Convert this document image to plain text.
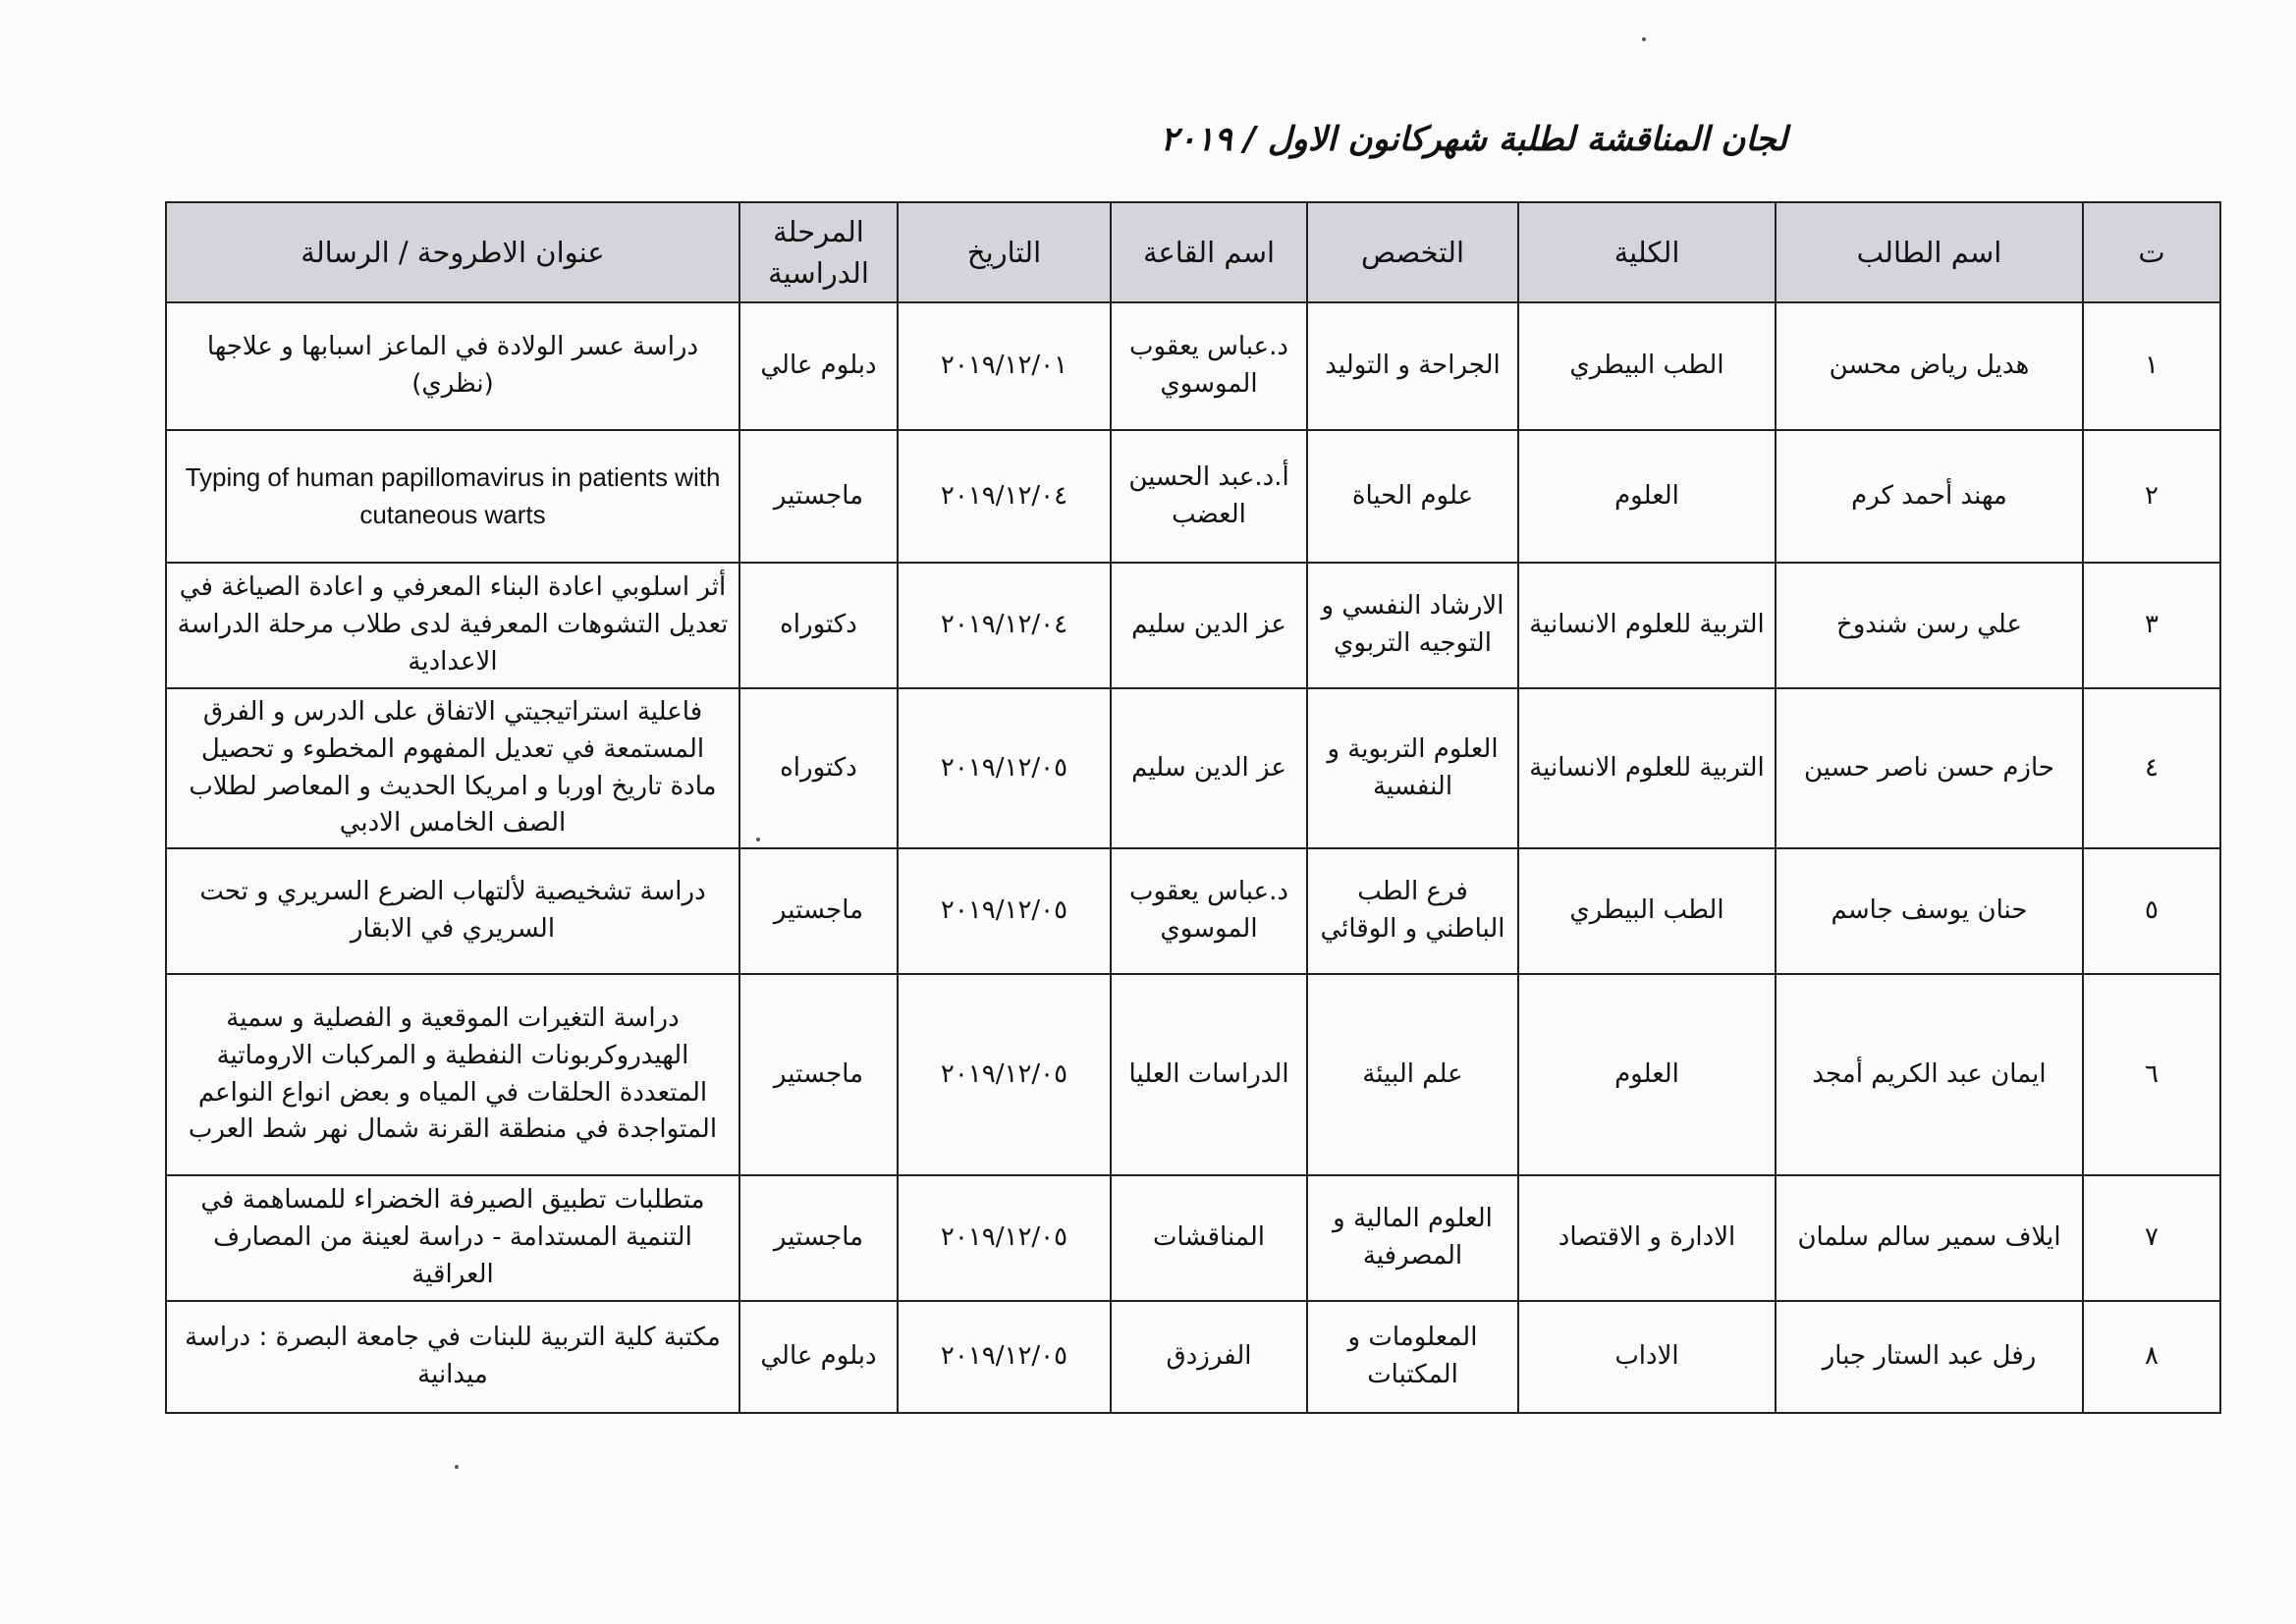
لجان المناقشة لطلبة شهركانون الاول / ٢٠١٩
ت	اسم الطالب	الكلية	التخصص	اسم القاعة	التاريخ	المرحلة الدراسية	عنوان الاطروحة / الرسالة
١	هديل رياض محسن	الطب البيطري	الجراحة و التوليد	د.عباس يعقوب الموسوي	٢٠١٩/١٢/٠١	دبلوم عالي	دراسة عسر الولادة في الماعز اسبابها و علاجها (نظري)
٢	مهند أحمد كرم	العلوم	علوم الحياة	أ.د.عبد الحسين العضب	٢٠١٩/١٢/٠٤	ماجستير	Typing of human papillomavirus in patients with cutaneous warts
٣	علي رسن شندوخ	التربية للعلوم الانسانية	الارشاد النفسي و التوجيه التربوي	عز الدين سليم	٢٠١٩/١٢/٠٤	دكتوراه	أثر اسلوبي اعادة البناء المعرفي و اعادة الصياغة في تعديل التشوهات المعرفية لدى طلاب مرحلة الدراسة الاعدادية
٤	حازم حسن ناصر حسين	التربية للعلوم الانسانية	العلوم التربوية و النفسية	عز الدين سليم	٢٠١٩/١٢/٠٥	دكتوراه	فاعلية استراتيجيتي الاتفاق على الدرس و الفرق المستمعة في تعديل المفهوم المخطوء و تحصيل مادة تاريخ اوربا و امريكا الحديث و المعاصر لطلاب الصف الخامس الادبي
٥	حنان يوسف جاسم	الطب البيطري	فرع الطب الباطني و الوقائي	د.عباس يعقوب الموسوي	٢٠١٩/١٢/٠٥	ماجستير	دراسة تشخيصية لألتهاب الضرع السريري و تحت السريري في الابقار
٦	ايمان عبد الكريم أمجد	العلوم	علم البيئة	الدراسات العليا	٢٠١٩/١٢/٠٥	ماجستير	دراسة التغيرات الموقعية و الفصلية و سمية الهيدروكربونات النفطية و المركبات الاروماتية المتعددة الحلقات في المياه و بعض انواع النواعم المتواجدة في منطقة القرنة شمال نهر شط العرب
٧	ايلاف سمير سالم سلمان	الادارة و الاقتصاد	العلوم المالية و المصرفية	المناقشات	٢٠١٩/١٢/٠٥	ماجستير	متطلبات تطبيق الصيرفة الخضراء للمساهمة في التنمية المستدامة - دراسة لعينة من المصارف العراقية
٨	رفل عبد الستار جبار	الاداب	المعلومات و المكتبات	الفرزدق	٢٠١٩/١٢/٠٥	دبلوم عالي	مكتبة كلية التربية للبنات في جامعة البصرة : دراسة ميدانية
